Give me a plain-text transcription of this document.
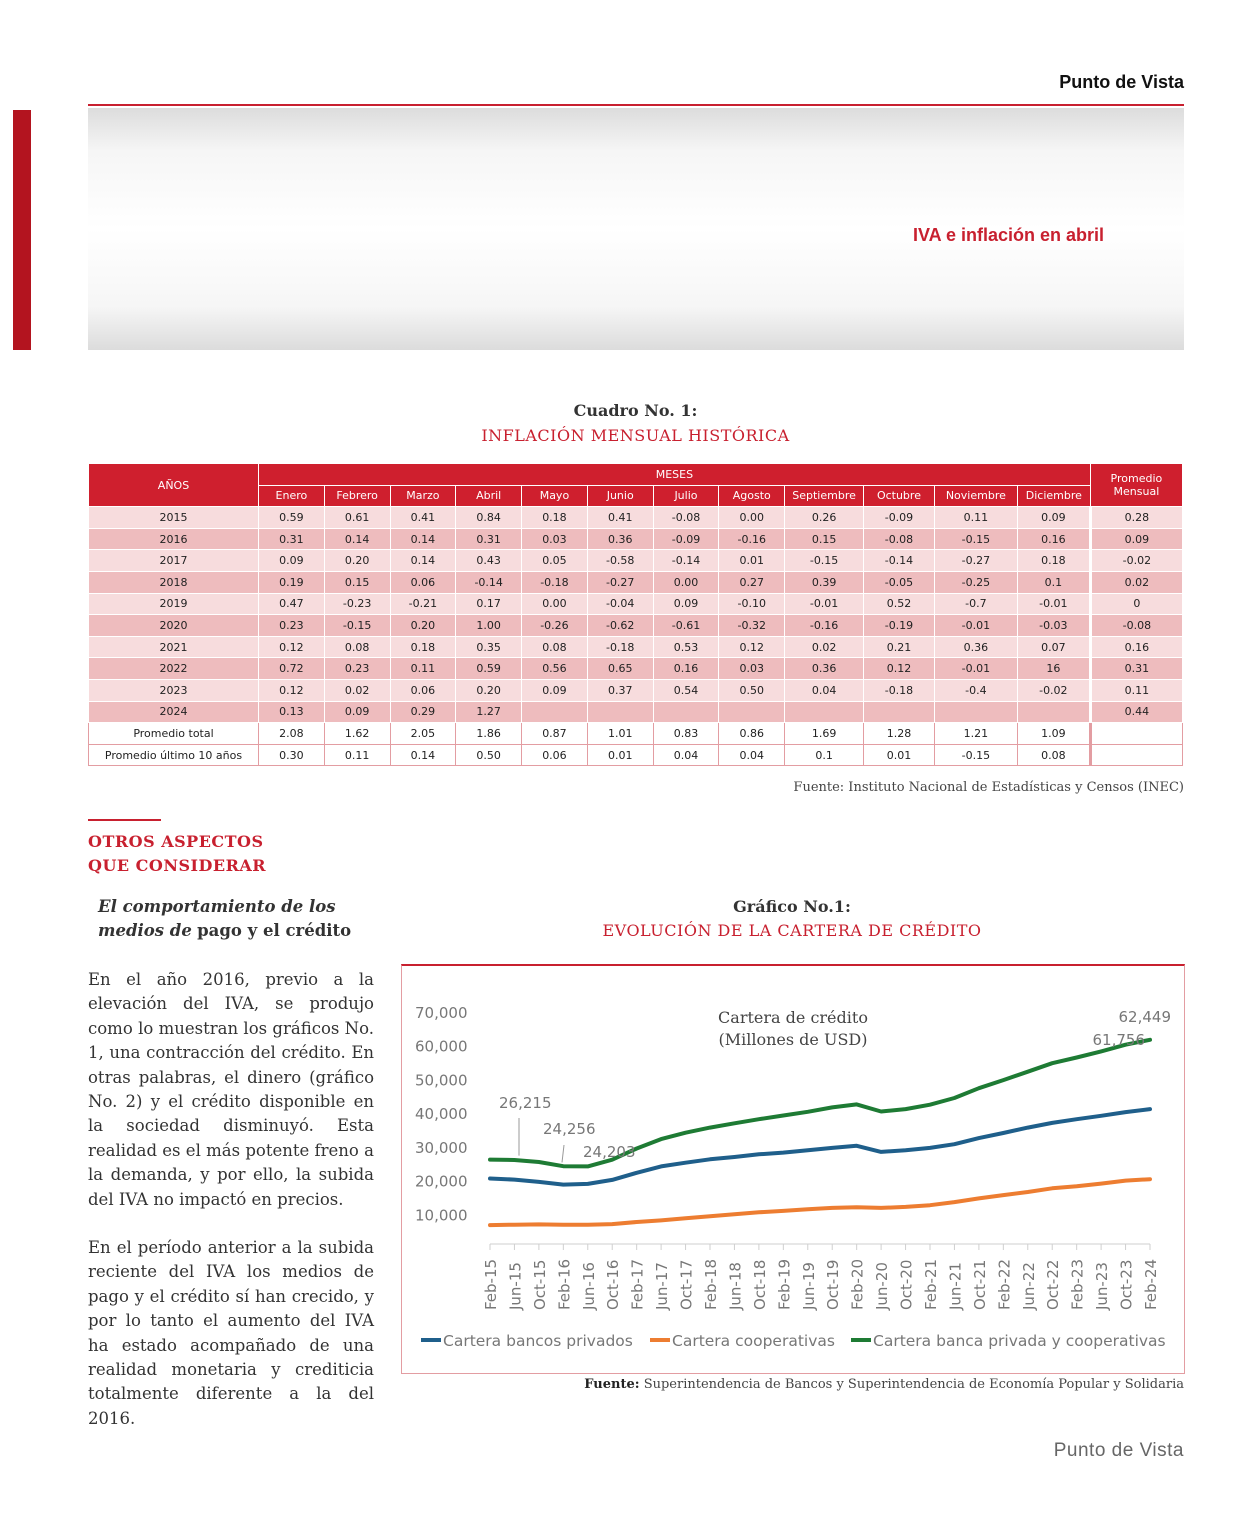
Punto de Vista
IVA e inflación en abril
Cuadro No. 1:
INFLACIÓN MENSUAL HISTÓRICA
AÑOS	MESES												Promedio
Mensual
	Enero	Febrero	Marzo	Abril	Mayo	Junio	Julio	Agosto	Septiembre	Octubre	Noviembre	Diciembre	
2015	0.59	0.61	0.41	0.84	0.18	0.41	-0.08	0.00	0.26	-0.09	0.11	0.09	0.28
2016	0.31	0.14	0.14	0.31	0.03	0.36	-0.09	-0.16	0.15	-0.08	-0.15	0.16	0.09
2017	0.09	0.20	0.14	0.43	0.05	-0.58	-0.14	0.01	-0.15	-0.14	-0.27	0.18	-0.02
2018	0.19	0.15	0.06	-0.14	-0.18	-0.27	0.00	0.27	0.39	-0.05	-0.25	0.1	0.02
2019	0.47	-0.23	-0.21	0.17	0.00	-0.04	0.09	-0.10	-0.01	0.52	-0.7	-0.01	0
2020	0.23	-0.15	0.20	1.00	-0.26	-0.62	-0.61	-0.32	-0.16	-0.19	-0.01	-0.03	-0.08
2021	0.12	0.08	0.18	0.35	0.08	-0.18	0.53	0.12	0.02	0.21	0.36	0.07	0.16
2022	0.72	0.23	0.11	0.59	0.56	0.65	0.16	0.03	0.36	0.12	-0.01	16	0.31
2023	0.12	0.02	0.06	0.20	0.09	0.37	0.54	0.50	0.04	-0.18	-0.4	-0.02	0.11
2024	0.13	0.09	0.29	1.27									0.44
Promedio total	2.08	1.62	2.05	1.86	0.87	1.01	0.83	0.86	1.69	1.28	1.21	1.09	
Promedio último 10 años	0.30	0.11	0.14	0.50	0.06	0.01	0.04	0.04	0.1	0.01	-0.15	0.08	
Fuente: Instituto Nacional de Estadísticas y Censos (INEC)
OTROS ASPECTOS
QUE CONSIDERAR
El comportamiento de los
medios de pago y el crédito
En el año 2016, previo a la elevación del IVA, se produjo como lo muestran los gráficos No. 1, una contracción del crédito. En otras palabras, el dinero (gráfico No. 2) y el crédito disponible en la sociedad disminuyó. Esta realidad es el más potente freno a la demanda, y por ello, la subida del IVA no impactó en precios.
En el período anterior a la subida reciente del IVA los medios de pago y el crédito sí han crecido, y por lo tanto el aumento del IVA ha estado acompañado de una realidad monetaria y crediticia totalmente diferente a la del 2016.
Gráfico No.1:
EVOLUCIÓN DE LA CARTERA DE CRÉDITO
Cartera de crédito
(Millones de USD)
70,000
60,000
50,000
40,000
30,000
20,000
10,000
Feb-15 Jun-15 Oct-15 Feb-16 Jun-16 Oct-16 Feb-17 Jun-17 Oct-17 Feb-18 Jun-18 Oct-18 Feb-19 Jun-19 Oct-19 Feb-20 Jun-20 Oct-20 Feb-21 Jun-21 Oct-21 Feb-22 Jun-22 Oct-22 Feb-23 Jun-23 Oct-23 Feb-24
26,215
24,256
24,203
62,449
61,756
Cartera bancos privados	Cartera cooperativas Cartera banca privada y cooperativas
Fuente: Superintendencia de Bancos y Superintendencia de Economía Popular y Solidaria
Punto de Vista
